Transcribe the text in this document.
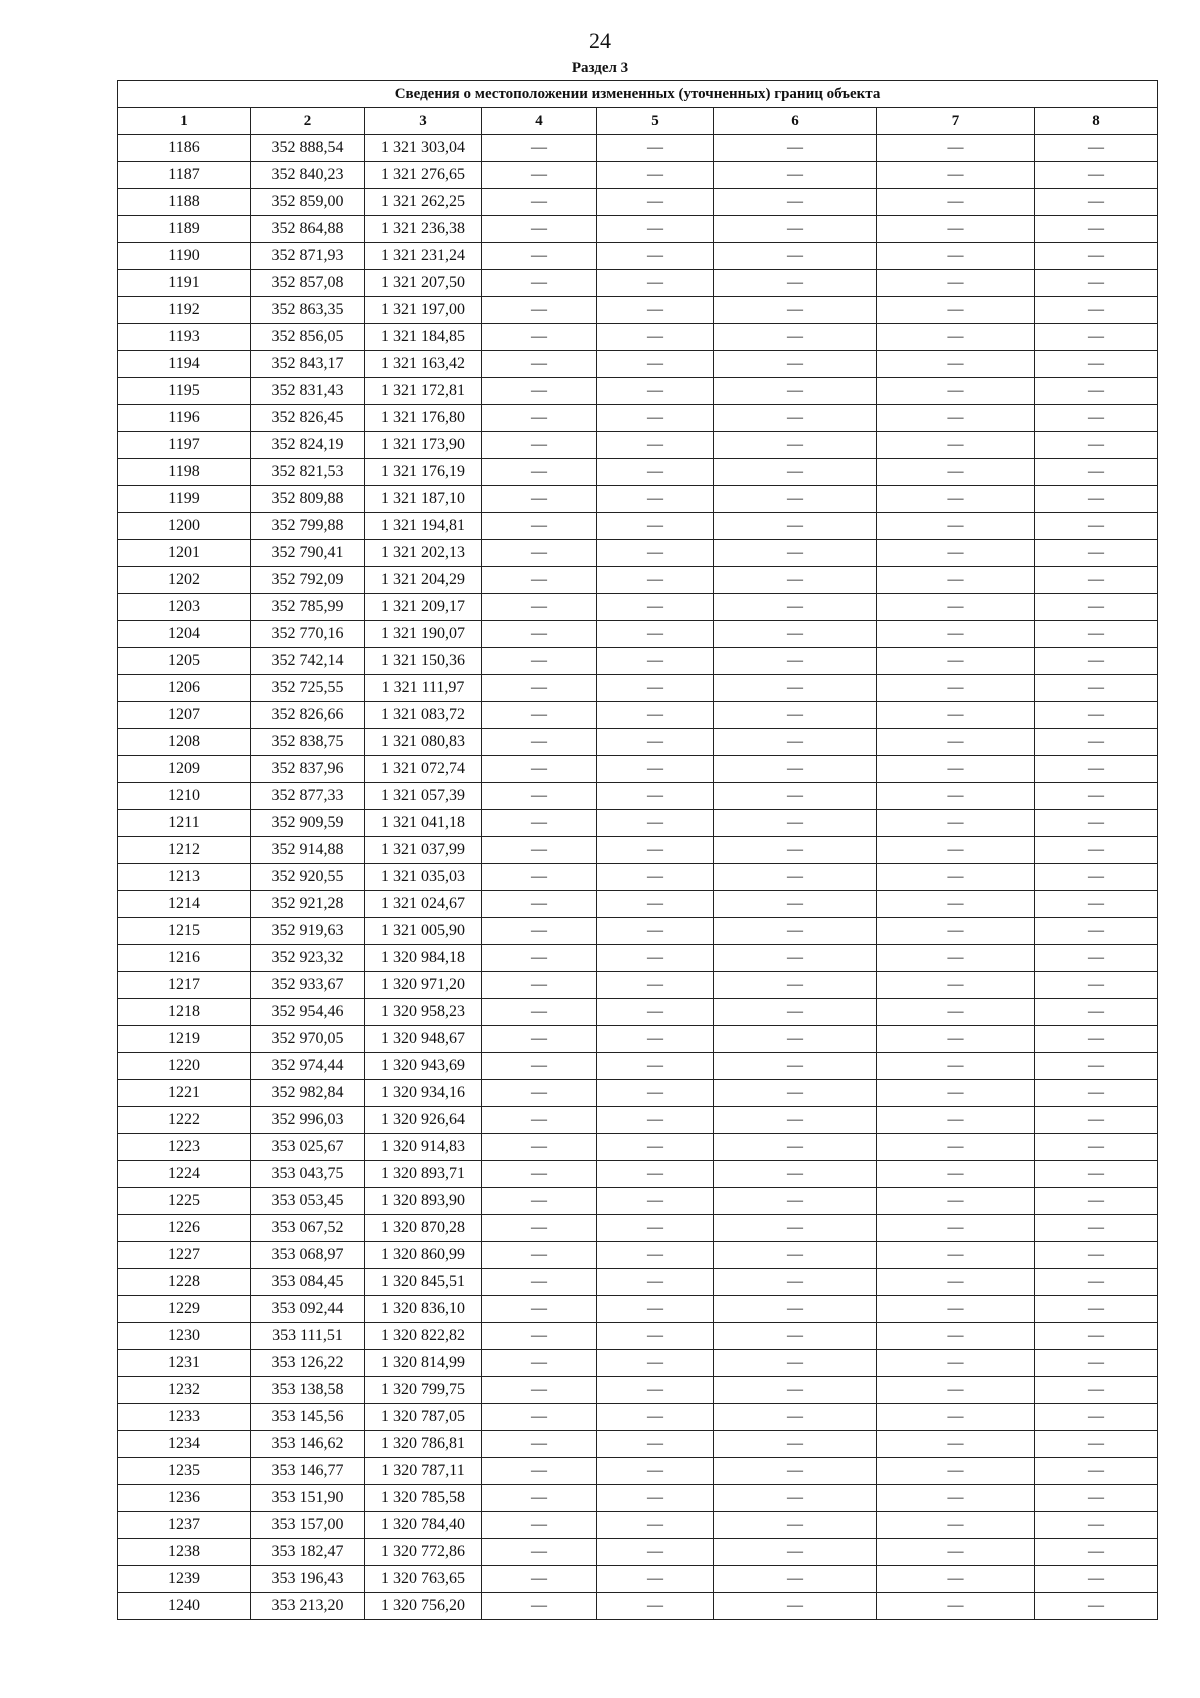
24
Раздел 3
Сведения о местоположении измененных (уточненных) границ объекта							
1	2	3	4	5	6	7	8
1186	352 888,54	1 321 303,04	—	—	—	—	—
1187	352 840,23	1 321 276,65	—	—	—	—	—
1188	352 859,00	1 321 262,25	—	—	—	—	—
1189	352 864,88	1 321 236,38	—	—	—	—	—
1190	352 871,93	1 321 231,24	—	—	—	—	—
1191	352 857,08	1 321 207,50	—	—	—	—	—
1192	352 863,35	1 321 197,00	—	—	—	—	—
1193	352 856,05	1 321 184,85	—	—	—	—	—
1194	352 843,17	1 321 163,42	—	—	—	—	—
1195	352 831,43	1 321 172,81	—	—	—	—	—
1196	352 826,45	1 321 176,80	—	—	—	—	—
1197	352 824,19	1 321 173,90	—	—	—	—	—
1198	352 821,53	1 321 176,19	—	—	—	—	—
1199	352 809,88	1 321 187,10	—	—	—	—	—
1200	352 799,88	1 321 194,81	—	—	—	—	—
1201	352 790,41	1 321 202,13	—	—	—	—	—
1202	352 792,09	1 321 204,29	—	—	—	—	—
1203	352 785,99	1 321 209,17	—	—	—	—	—
1204	352 770,16	1 321 190,07	—	—	—	—	—
1205	352 742,14	1 321 150,36	—	—	—	—	—
1206	352 725,55	1 321 111,97	—	—	—	—	—
1207	352 826,66	1 321 083,72	—	—	—	—	—
1208	352 838,75	1 321 080,83	—	—	—	—	—
1209	352 837,96	1 321 072,74	—	—	—	—	—
1210	352 877,33	1 321 057,39	—	—	—	—	—
1211	352 909,59	1 321 041,18	—	—	—	—	—
1212	352 914,88	1 321 037,99	—	—	—	—	—
1213	352 920,55	1 321 035,03	—	—	—	—	—
1214	352 921,28	1 321 024,67	—	—	—	—	—
1215	352 919,63	1 321 005,90	—	—	—	—	—
1216	352 923,32	1 320 984,18	—	—	—	—	—
1217	352 933,67	1 320 971,20	—	—	—	—	—
1218	352 954,46	1 320 958,23	—	—	—	—	—
1219	352 970,05	1 320 948,67	—	—	—	—	—
1220	352 974,44	1 320 943,69	—	—	—	—	—
1221	352 982,84	1 320 934,16	—	—	—	—	—
1222	352 996,03	1 320 926,64	—	—	—	—	—
1223	353 025,67	1 320 914,83	—	—	—	—	—
1224	353 043,75	1 320 893,71	—	—	—	—	—
1225	353 053,45	1 320 893,90	—	—	—	—	—
1226	353 067,52	1 320 870,28	—	—	—	—	—
1227	353 068,97	1 320 860,99	—	—	—	—	—
1228	353 084,45	1 320 845,51	—	—	—	—	—
1229	353 092,44	1 320 836,10	—	—	—	—	—
1230	353 111,51	1 320 822,82	—	—	—	—	—
1231	353 126,22	1 320 814,99	—	—	—	—	—
1232	353 138,58	1 320 799,75	—	—	—	—	—
1233	353 145,56	1 320 787,05	—	—	—	—	—
1234	353 146,62	1 320 786,81	—	—	—	—	—
1235	353 146,77	1 320 787,11	—	—	—	—	—
1236	353 151,90	1 320 785,58	—	—	—	—	—
1237	353 157,00	1 320 784,40	—	—	—	—	—
1238	353 182,47	1 320 772,86	—	—	—	—	—
1239	353 196,43	1 320 763,65	—	—	—	—	—
1240	353 213,20	1 320 756,20	—	—	—	—	—
